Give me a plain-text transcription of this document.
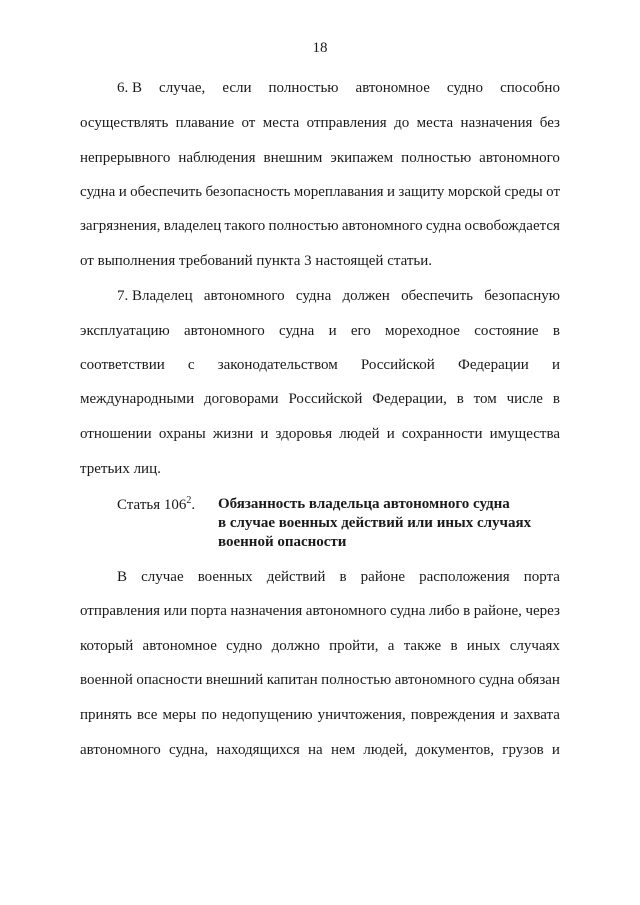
18
6. В случае, если полностью автономное судно способно
осуществлять плавание от места отправления до места назначения без
непрерывного наблюдения внешним экипажем полностью автономного
судна и обеспечить безопасность мореплавания и защиту морской среды от
загрязнения, владелец такого полностью автономного судна освобождается
от выполнения требований пункта 3 настоящей статьи.
7. Владелец автономного судна должен обеспечить безопасную
эксплуатацию автономного судна и его мореходное состояние в
соответствии с законодательством Российской Федерации и
международными договорами Российской Федерации, в том числе в
отношении охраны жизни и здоровья людей и сохранности имущества
третьих лиц.
Статья $106^2$. Обязанность владельца автономного судна
в случае военных действий или иных случаях
военной опасности
В случае военных действий в районе расположения порта
отправления или порта назначения автономного судна либо в районе, через
который автономное судно должно пройти, а также в иных случаях
военной опасности внешний капитан полностью автономного судна обязан
принять все меры по недопущению уничтожения, повреждения и захвата
автономного судна, находящихся на нем людей, документов, грузов и
